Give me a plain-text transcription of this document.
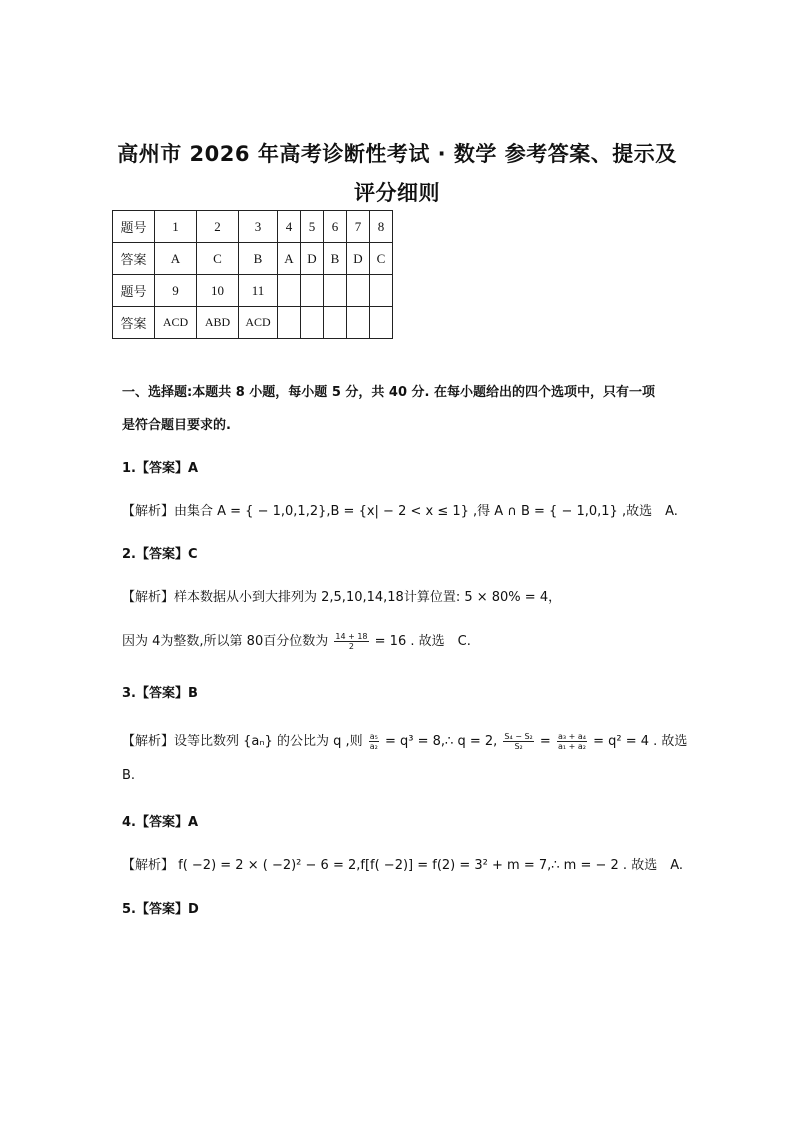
高州市 2026 年高考诊断性考试 · 数学 参考答案、提示及
评分细则
题号	1	2	3	4	5	6	7	8
答案	A	C	B	A	D	B	D	C
题号	9	10	11					
答案	ACD	ABD	ACD					
一、选择题:本题共 8 小题，每小题 5 分，共 40 分. 在每小题给出的四个选项中，只有一项
是符合题目要求的.
1.【答案】A
【解析】由集合 A = { − 1,0,1,2},B = {x| − 2 < x ≤ 1} ,得 A ∩ B = { − 1,0,1} ,故选　A.
2.【答案】C
【解析】样本数据从小到大排列为 2,5,10,14,18计算位置: 5 × 80% = 4，
因为 4为整数,所以第 80百分位数为 $\frac{14 + 18}{2} = 16$ . 故选　C.
3.【答案】B
【解析】设等比数列 {aₙ} 的公比为 q ,则 $\frac{\text{a₅}}{\text{a₂}} = q^3$ = 8,∴ q = 2, $\frac{\text{S₄ − S₂}}{\text{S₂}} = \frac{\text{a₃ + a₄}}{\text{a₁ + a₂}} = q^2 = 4$ . 故选
B.
4.【答案】A
【解析】 f( −2) = 2 × ( −2)² − 6 = 2,f[f( −2)] = f(2) = 3² + m = 7,∴ m = − 2 . 故选　A.
5.【答案】D
